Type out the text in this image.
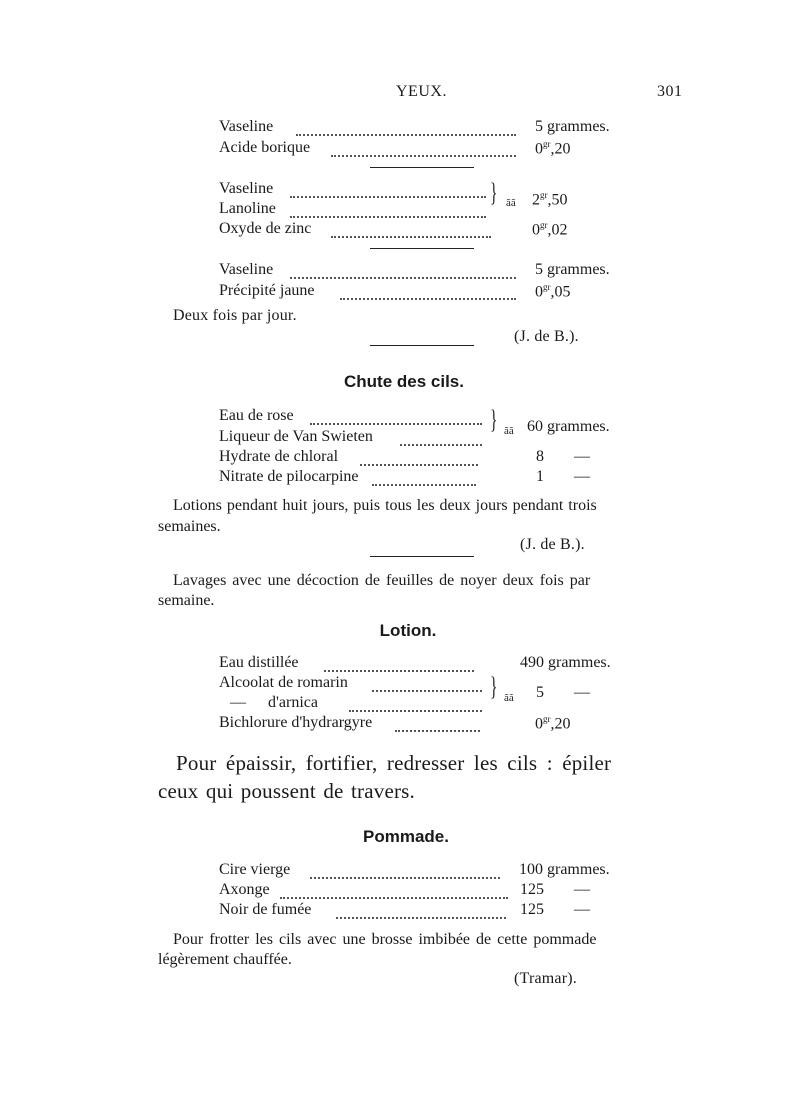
YEUX.	301
Vaseline	5 grammes.
Acide borique	$0^{gr},20$
Vaseline
Lanoline
} ãã $2^{gr},50$
Oxyde de zinc	$0^{gr},02$
Vaseline	5 grammes.
Précipité jaune	$0^{gr},05$
Deux fois par jour.
(J. de B.).
Chute des cils.
Eau de rose
Liqueur de Van Swieten
} ãã 60 grammes.
Hydrate de chloral	8 —
Nitrate de pilocarpine	1 —
Lotions pendant huit jours, puis tous les deux jours pendant trois
semaines.
(J. de B.).
Lavages avec une décoction de feuilles de noyer deux fois par
semaine.
Lotion.
Eau distillée	490 grammes.
Alcoolat de romarin
— d'arnica
} ãã 5 —
Bichlorure d'hydrargyre	$0^{gr},20$
Pour épaissir, fortifier, redresser les cils : épiler
ceux qui poussent de travers.
Pommade.
Cire vierge	100 grammes.
Axonge	125 —
Noir de fumée	125 —
Pour frotter les cils avec une brosse imbibée de cette pommade
légèrement chauffée.
(Tramar).
